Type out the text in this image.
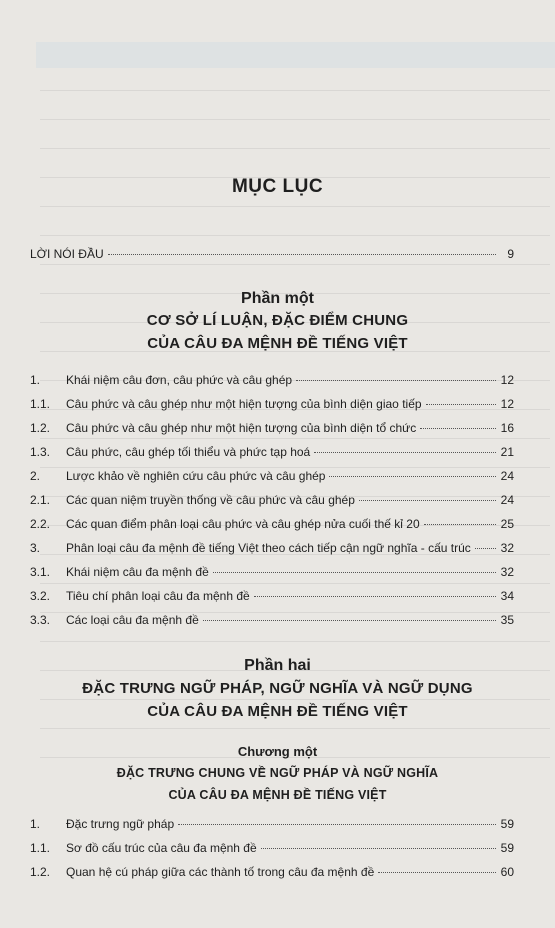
MỤC LỤC
LỜI NÓI ĐẦU	9
Phần một
CƠ SỞ LÍ LUẬN, ĐẶC ĐIỂM CHUNG
CỦA CÂU ĐA MỆNH ĐỀ TIẾNG VIỆT
1.	Khái niệm câu đơn, câu phức và câu ghép	12
1.1.	Câu phức và câu ghép như một hiện tượng của bình diện giao tiếp	12
1.2.	Câu phức và câu ghép như một hiện tượng của bình diện tổ chức	16
1.3.	Câu phức, câu ghép tối thiểu và phức tạp hoá	21
2.	Lược khảo về nghiên cứu câu phức và câu ghép	24
2.1.	Các quan niệm truyền thống về câu phức và câu ghép	24
2.2.	Các quan điểm phân loại câu phức và câu ghép nửa cuối thế kỉ 20	25
3.	Phân loại câu đa mệnh đề tiếng Việt theo cách tiếp cận ngữ nghĩa - cấu trúc 32
3.1.	Khái niệm câu đa mệnh đề	32
3.2.	Tiêu chí phân loại câu đa mệnh đề	34
3.3.	Các loại câu đa mệnh đề	35
Phần hai
ĐẶC TRƯNG NGỮ PHÁP, NGỮ NGHĨA VÀ NGỮ DỤNG
CỦA CÂU ĐA MỆNH ĐỀ TIẾNG VIỆT
Chương một
ĐẶC TRƯNG CHUNG VỀ NGỮ PHÁP VÀ NGỮ NGHĨA
CỦA CÂU ĐA MỆNH ĐỀ TIẾNG VIỆT
1.	Đặc trưng ngữ pháp	59
1.1.	Sơ đồ cấu trúc của câu đa mệnh đề	59
1.2.	Quan hệ cú pháp giữa các thành tố trong câu đa mệnh đề	60
